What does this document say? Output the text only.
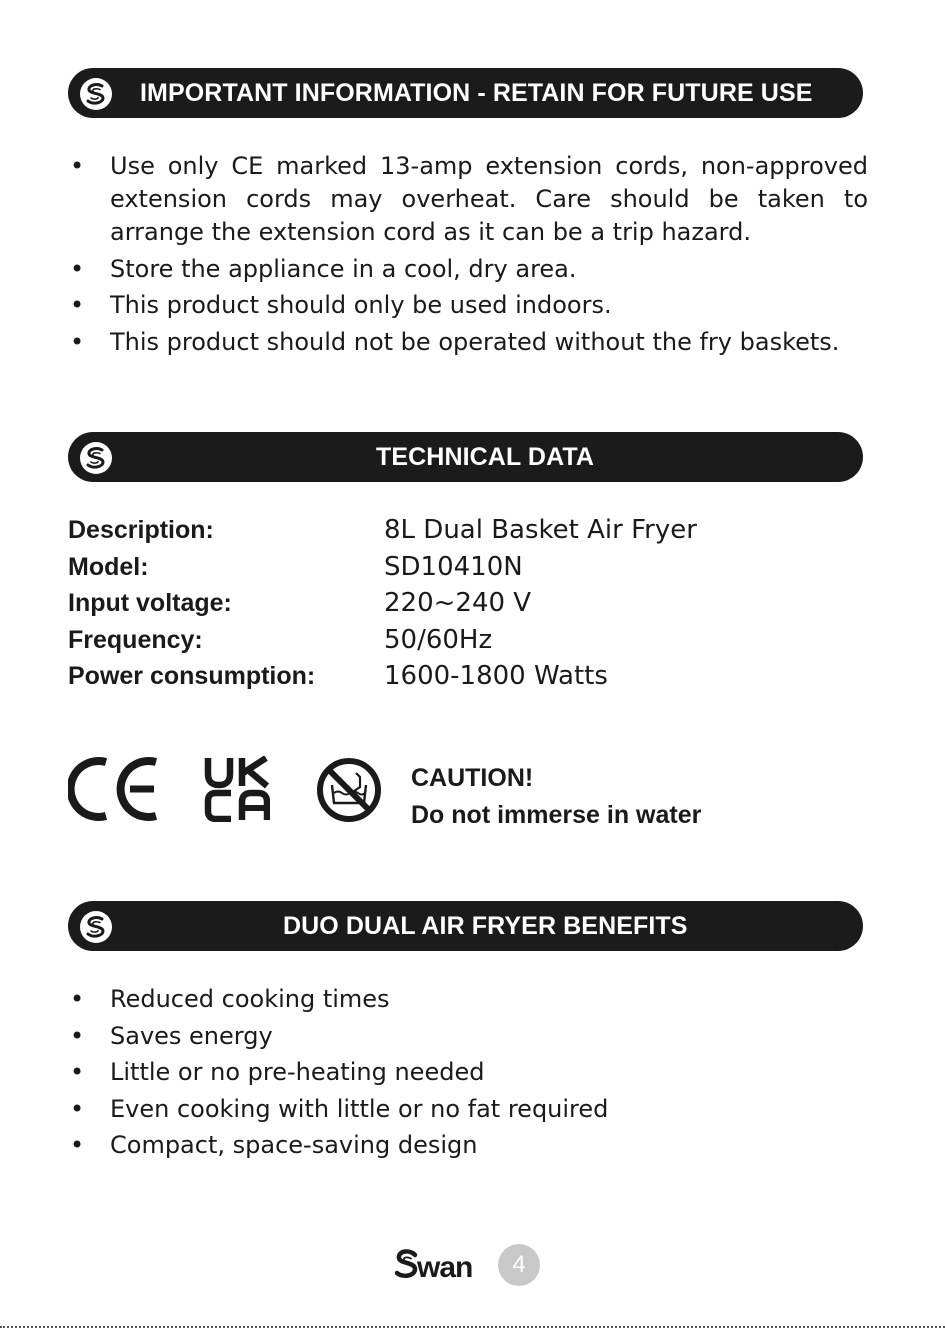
IMPORTANT INFORMATION - RETAIN FOR FUTURE USE
• Use only CE marked 13-amp extension cords, non-approved extension cords may overheat. Care should be taken to arrange the extension cord as it can be a trip hazard.
• Store the appliance in a cool, dry area.
• This product should only be used indoors.
• This product should not be operated without the fry baskets.
TECHNICAL DATA
Description:	8L Dual Basket Air Fryer
Model:	SD10410N
Input voltage:	220~240 V
Frequency:	50/60Hz
Power consumption:	1600-1800 Watts
CAUTION!
Do not immerse in water
DUO DUAL AIR FRYER BENEFITS
• Reduced cooking times
• Saves energy
• Little or no pre-heating needed
• Even cooking with little or no fat required
• Compact, space-saving design
wan	4
